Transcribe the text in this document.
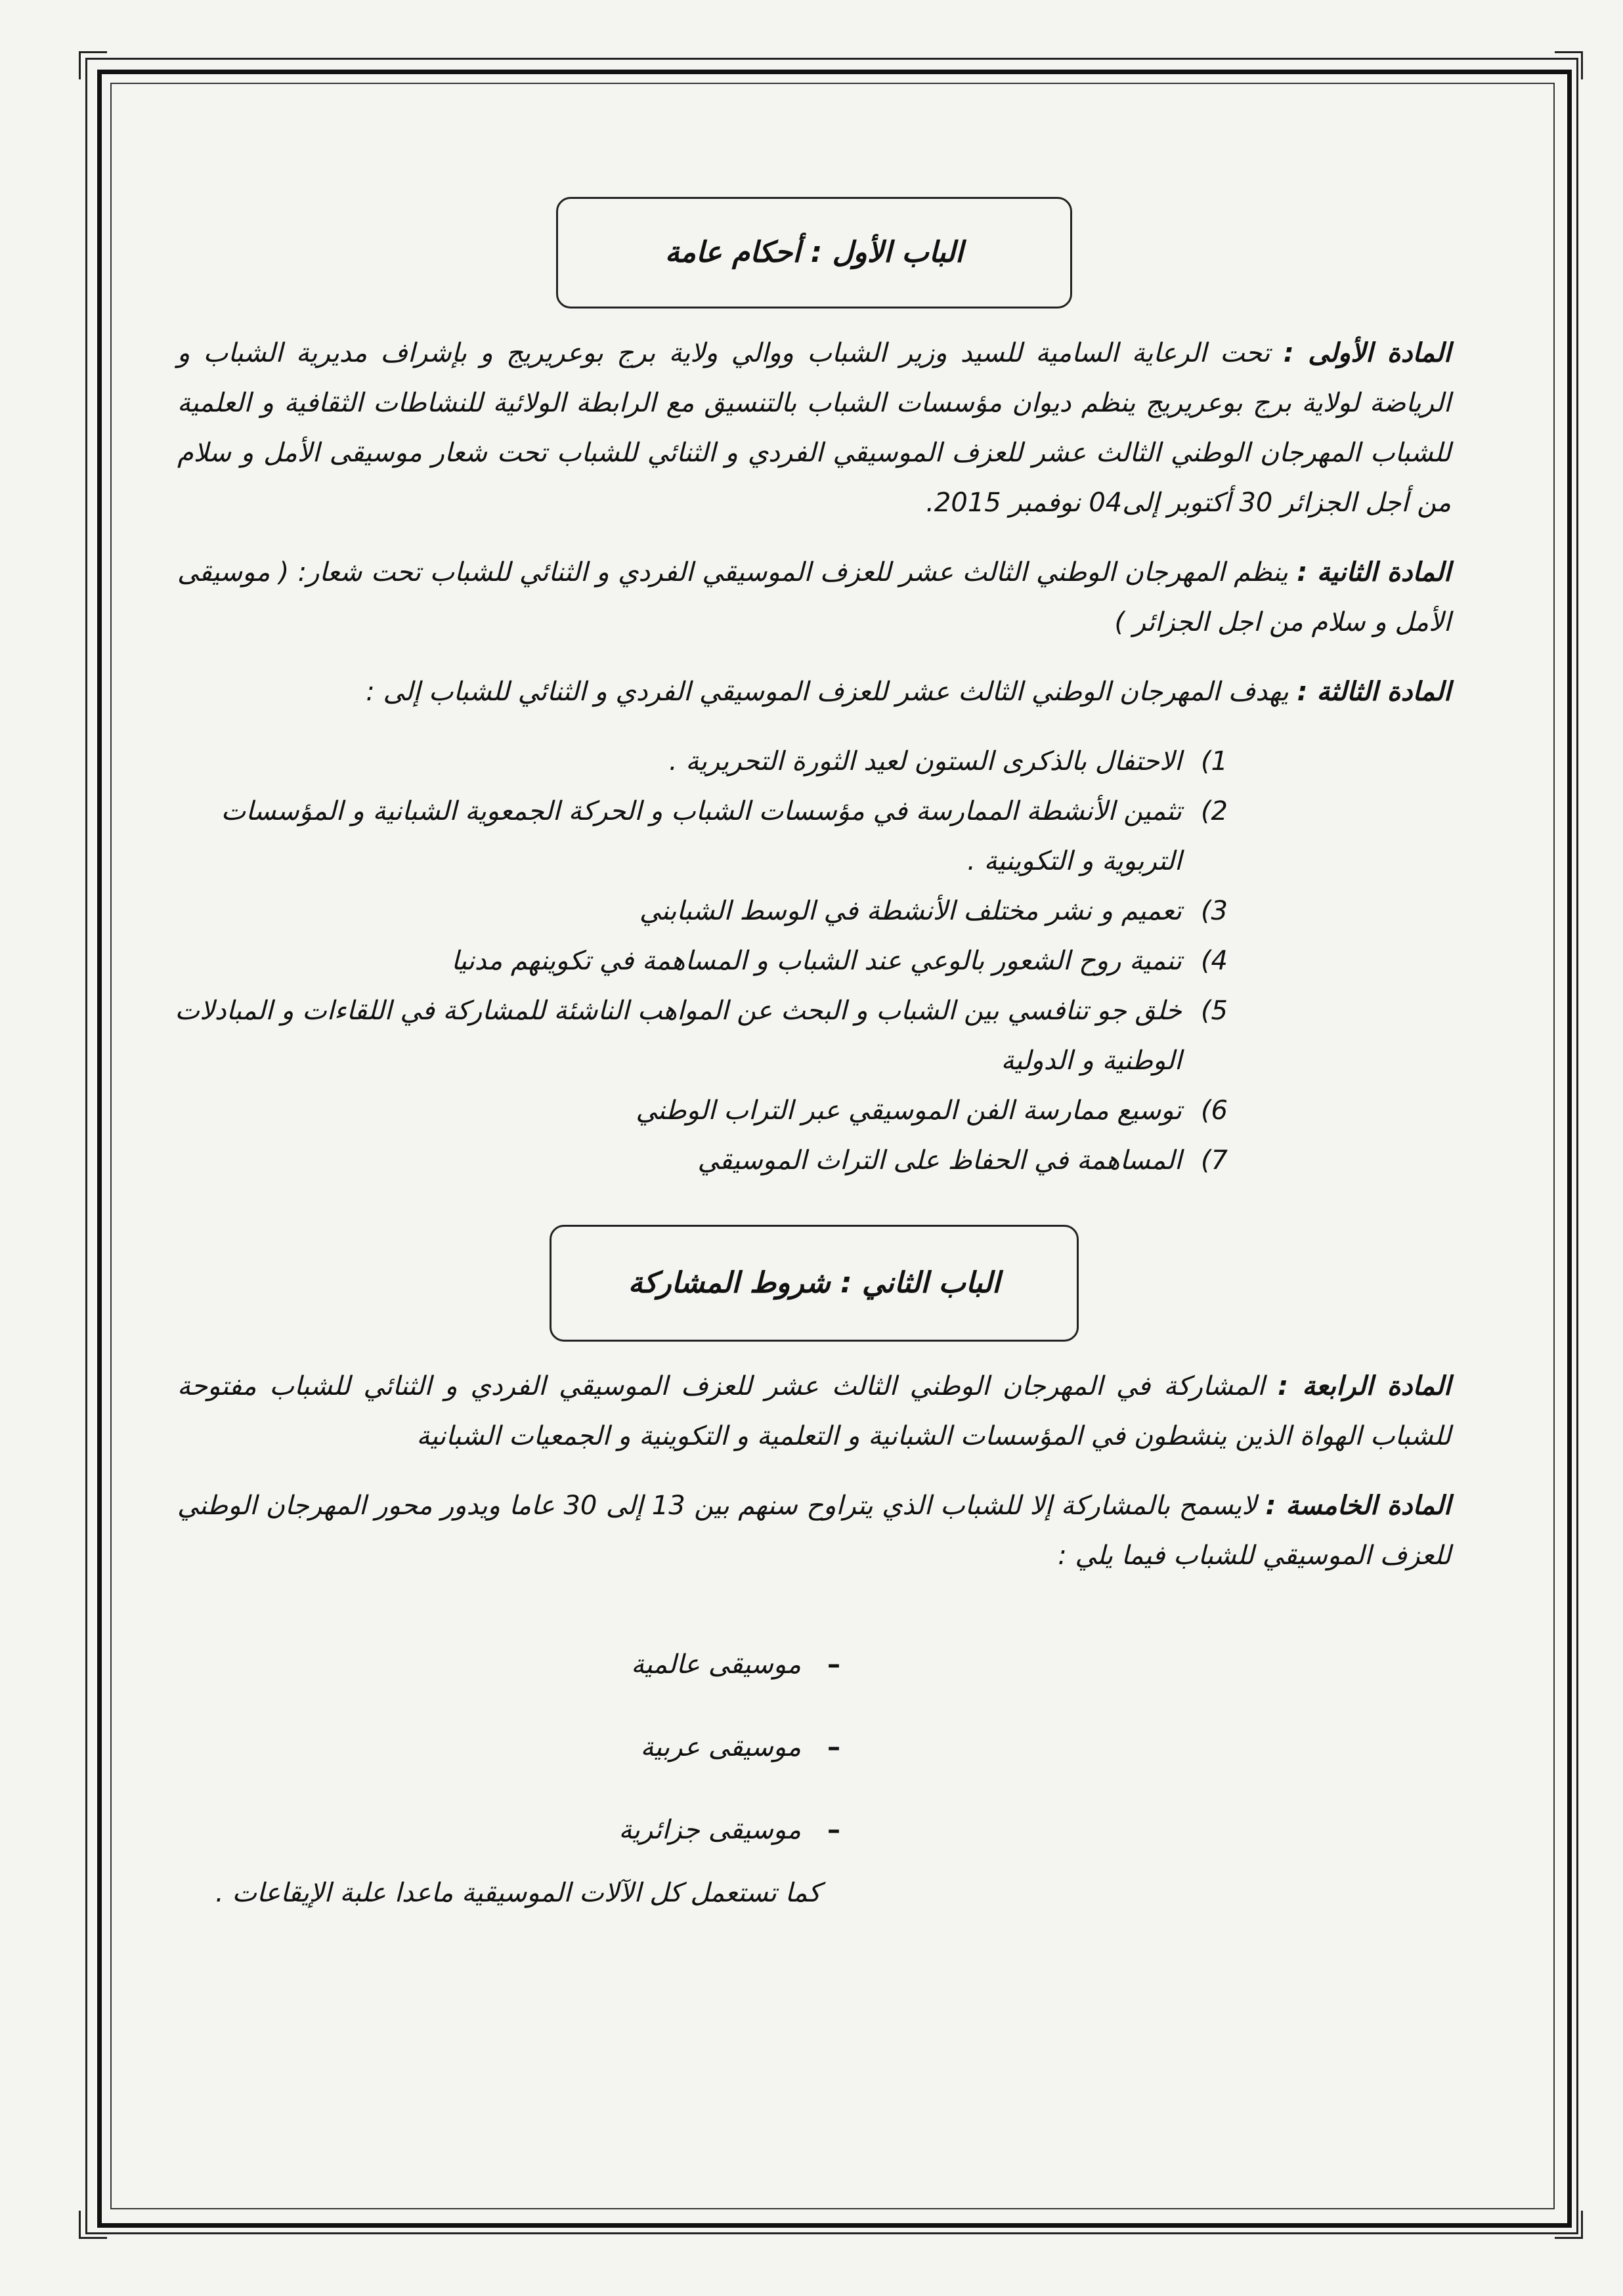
الباب الأول : أحكام عامة

المادة الأولى : تحت الرعاية السامية للسيد وزير الشباب ووالي ولاية برج بوعريريج و بإشراف مديرية الشباب و الرياضة لولاية برج بوعريريج ينظم ديوان مؤسسات الشباب بالتنسيق مع الرابطة الولائية للنشاطات الثقافية و العلمية للشباب المهرجان الوطني الثالث عشر للعزف الموسيقي الفردي و الثنائي للشباب تحت شعار موسيقى الأمل و سلام من أجل الجزائر 30 أكتوبر إلى04 نوفمبر 2015.

المادة الثانية : ينظم المهرجان الوطني الثالث عشر للعزف الموسيقي الفردي و الثنائي للشباب تحت شعار: ( موسيقى الأمل و سلام من اجل الجزائر )

المادة الثالثة : يهدف المهرجان الوطني الثالث عشر للعزف الموسيقي الفردي و الثنائي للشباب إلى :

1)
الاحتفال بالذكرى الستون لعيد الثورة التحريرية .
2)
تثمين الأنشطة الممارسة في مؤسسات الشباب و الحركة الجمعوية الشبانية و المؤسسات التربوية و التكوينية .
3)
تعميم و نشر مختلف الأنشطة في الوسط الشبابني
4)
تنمية روح الشعور بالوعي عند الشباب و المساهمة في تكوينهم مدنيا
5)
خلق جو تنافسي بين الشباب و البحث عن المواهب الناشئة للمشاركة في اللقاءات و المبادلات الوطنية و الدولية
6)
توسيع ممارسة الفن الموسيقي عبر التراب الوطني
7)
المساهمة في الحفاظ على التراث الموسيقي
الباب الثاني : شروط المشاركة

المادة الرابعة : المشاركة في المهرجان الوطني الثالث عشر للعزف الموسيقي الفردي و الثنائي للشباب مفتوحة للشباب الهواة الذين ينشطون في المؤسسات الشبانية و التعلمية و التكوينية و الجمعيات الشبانية

المادة الخامسة : لايسمح بالمشاركة إلا للشباب الذي يتراوح سنهم بين 13 إلى 30 عاما ويدور محور المهرجان الوطني للعزف الموسيقي للشباب فيما يلي :

–
موسيقى عالمية
–
موسيقى عربية
–
موسيقى جزائرية

كما تستعمل كل الآلات الموسيقية ماعدا علبة الإيقاعات .
